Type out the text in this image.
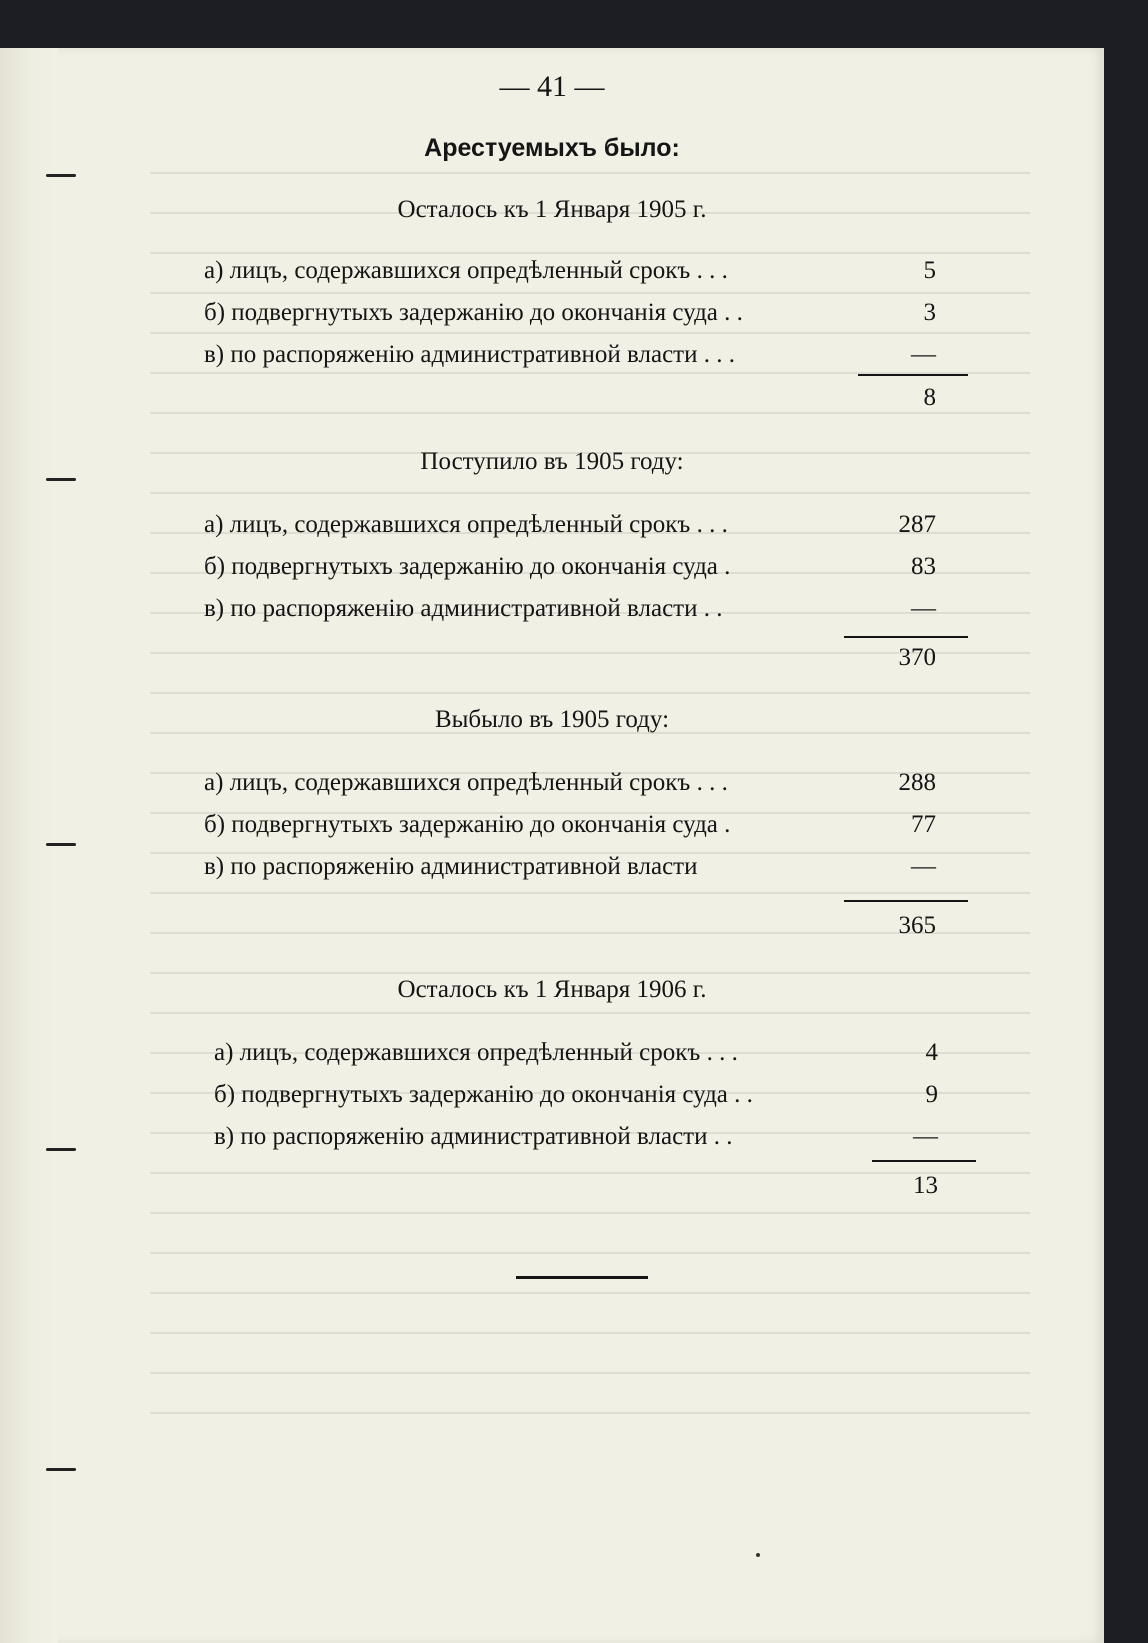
— 41 —
Арестуемыхъ было:
Осталось къ 1 Января 1905 г.
а) лицъ, содержавшихся опредѣленный срокъ . . .	5
б) подвергнутыхъ задержанію до окончанія суда . .	3
в) по распоряженію административной власти . . .	—
8
Поступило въ 1905 году:
а) лицъ, содержавшихся опредѣленный срокъ . . .	287
б) подвергнутыхъ задержанію до окончанія суда .	83
в) по распоряженію административной власти . .	—
370
Выбыло въ 1905 году:
а) лицъ, содержавшихся опредѣленный срокъ . . .	288
б) подвергнутыхъ задержанію до окончанія суда .	77
в) по распоряженію административной власти	—
365
Осталось къ 1 Января 1906 г.
а) лицъ, содержавшихся опредѣленный срокъ . . .	4
б) подвергнутыхъ задержанію до окончанія суда . .	9
в) по распоряженію административной власти . .	—
13
